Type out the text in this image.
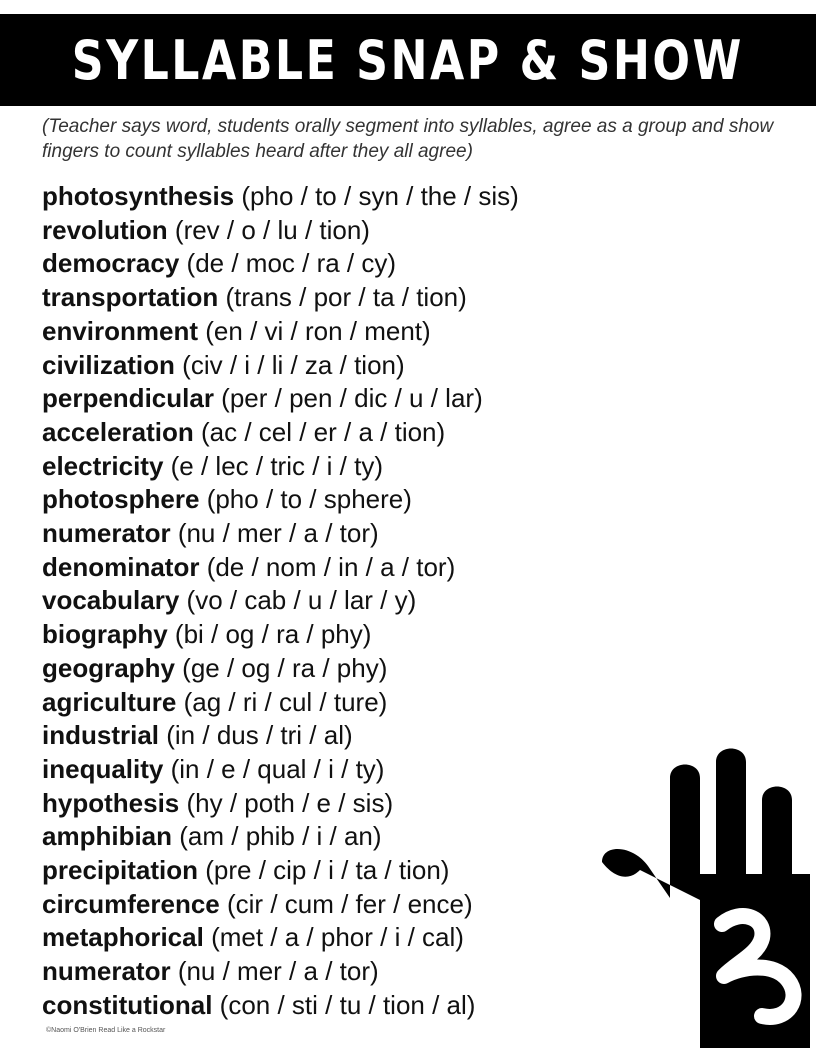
SYLLABLE SNAP & SHOW
(Teacher says word, students orally segment into syllables, agree as a group and show fingers to count syllables heard after they all agree)
photosynthesis (pho / to / syn / the / sis)
revolution (rev / o / lu / tion)
democracy (de / moc / ra / cy)
transportation (trans / por / ta / tion)
environment (en / vi / ron / ment)
civilization (civ / i / li / za / tion)
perpendicular (per / pen / dic / u / lar)
acceleration (ac / cel / er / a / tion)
electricity (e / lec / tric / i / ty)
photosphere (pho / to / sphere)
numerator (nu / mer / a / tor)
denominator (de / nom / in / a / tor)
vocabulary (vo / cab / u / lar / y)
biography (bi / og / ra / phy)
geography (ge / og / ra / phy)
agriculture (ag / ri / cul / ture)
industrial (in / dus / tri / al)
inequality (in / e / qual / i / ty)
hypothesis (hy / poth / e / sis)
amphibian (am / phib / i / an)
precipitation (pre / cip / i / ta / tion)
circumference (cir / cum / fer / ence)
metaphorical (met / a / phor / i / cal)
numerator (nu / mer / a / tor)
constitutional (con / sti / tu / tion / al)
©Naomi O'Brien Read Like a Rockstar
